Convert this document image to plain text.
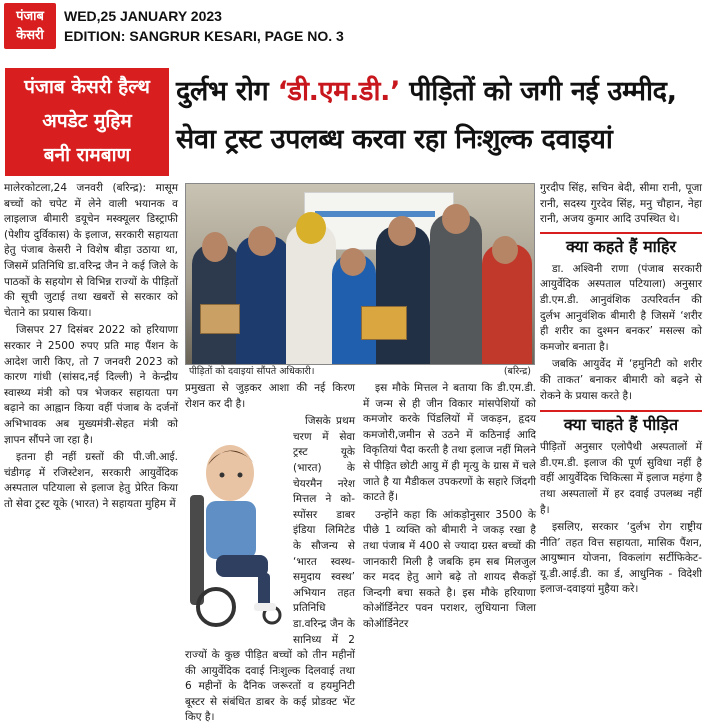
पंजाब
केसरी
WED,25 JANUARY 2023
EDITION: SANGRUR KESARI, PAGE NO. 3
पंजाब केसरी हैल्थ
अपडेट मुहिम
बनी रामबाण
दुर्लभ रोग ‘डी.एम.डी.’ पीड़ितों को जगी नई उम्मीद,
सेवा ट्रस्ट उपलब्ध करवा रहा निःशुल्क दवाइयां

मालेरकोटला,24 जनवरी (बरिन्द्र): मासूम बच्चों को चपेट में लेने वाली भयानक व लाइलाज बीमारी डयूचेन मस्क्यूलर डिस्ट्राफी (पेशीय दुर्विकास) के इलाज, सरकारी सहायता हेतु पंजाब केसरी ने विशेष बीड़ा उठाया था, जिसमें प्रतिनिधि डा.वरिन्द्र जैन ने कई जिले के पाठकों के सहयोग से विभिन्न राज्यों के पीड़ितों की सूची जुटाई तथा खबरों से सरकार को चेताने का प्रयास किया।

जिसपर 27 दिसंबर 2022 को हरियाणा सरकार ने 2500 रुपए प्रति माह पैंशन के आदेश जारी किए, तो 7 जनवरी 2023 को कारण गांधी (सांसद,नई दिल्ली) ने केन्द्रीय स्वास्थ्य मंत्री को पत्र भेजकर सहायता पग बढ़ाने का आह्वान किया वहीं पंजाब के दर्जनों अभिभावक अब मुख्यमंत्री-सेहत मंत्री को ज्ञापन सौंपने जा रहा है।

इतना ही नहीं ग्रस्तों की पी.जी.आई. चंडीगढ़ में रजिस्टेशन, सरकारी आयुर्वेदिक अस्पताल पटियाला से इलाज हेतु प्रेरित किया तो सेवा ट्रस्ट यूके (भारत) ने सहायता मुहिम में

पीड़ितों को दवाइयां सौंपते अधिकारी।	(बरिन्द्र)

प्रमुखता से जुड़कर आशा की नई किरण रोशन कर दी है।

जिसके प्रथम चरण में सेवा ट्रस्ट यूके (भारत) के चेयरमैन नरेश मित्तल ने को-स्पोंसर डाबर इंडिया लिमिटेड के सौजन्य से ‘भारत स्वस्थ-समुदाय स्वस्थ’ अभियान तहत प्रतिनिधि डा.वरिन्द्र जैन के सानिध्य में 2 राज्यों के कुछ पीड़ित बच्चों को तीन महीनों की आयुर्वेदिक दवाई निःशुल्क दिलवाई तथा 6 महीनों के दैनिक जरूरतों व हयमुनिटी बूस्टर से संबंधित डाबर के कई प्रोडक्ट भेंट किए है।

इस मौके मित्तल ने बताया कि डी.एम.डी. में जन्म से ही जीन विकार मांसपेशियों को कमजोर करके पिंडलियों में जकड़न, हृदय कमजोरी,जमीन से उठने में कठिनाई आदि विकृतियां पैदा करती है तथा इलाज नहीं मिलने से पीड़ित छोटी आयु में ही मृत्यु के ग्रास में चले जाते है या मैडीकल उपकरणों के सहारे जिंदगी काटते हैं।

उन्होंने कहा कि आंकड़ोनुसार 3500 के पीछे 1 व्यक्ति को बीमारी ने जकड़ रखा है तथा पंजाब में 400 से ज्यादा ग्रस्त बच्चों की जानकारी मिली है जबकि हम सब मिलजुल कर मदद हेतु आगे बढ़े तो शायद सैकड़ों जिन्दगी बचा सकते है। इस मौके हरियाणा कोऑर्डिनेटर पवन पराशर, लुधियाना जिला कोऑर्डिनेटर

गुरदीप सिंह, सचिन बेदी, सीमा रानी, पूजा रानी, सदस्य गुरदेव सिंह, मनु चौहान, नेहा रानी, अजय कुमार आदि उपस्थित थे।

क्या कहते हैं माहिर

डा. अश्विनी राणा (पंजाब सरकारी आयुर्वेदिक अस्पताल पटियाला) अनुसार डी.एम.डी. आनुवंशिक उत्परिवर्तन की दुर्लभ आनुवंशिक बीमारी है जिसमें ‘शरीर ही शरीर का दुश्मन बनकर’ मसल्स को कमजोर बनाता है।

जबकि आयुर्वेद में ‘हमुनिटी को शरीर की ताकत’ बनाकर बीमारी को बढ़ने से रोकने के प्रयास करते है।

क्या चाहते हैं पीड़ित

पीड़ितों अनुसार एलोपैथी अस्पतालों में डी.एम.डी. इलाज की पूर्ण सुविधा नहीं है वहीं आयुर्वेदिक चिकित्सा में इलाज महंगा है तथा अस्पतालों में हर दवाई उपलब्ध नहीं है।

इसलिए, सरकार ‘दुर्लभ रोग राष्ट्रीय नीति’ तहत वित्त सहायता, मासिक पैंशन, आयुष्मान योजना, विकलांग सर्टीफिकेट-यू.डी.आई.डी. का र्ड, आधुनिक - विदेशी इलाज-दवाइयां मुहैया करे।
